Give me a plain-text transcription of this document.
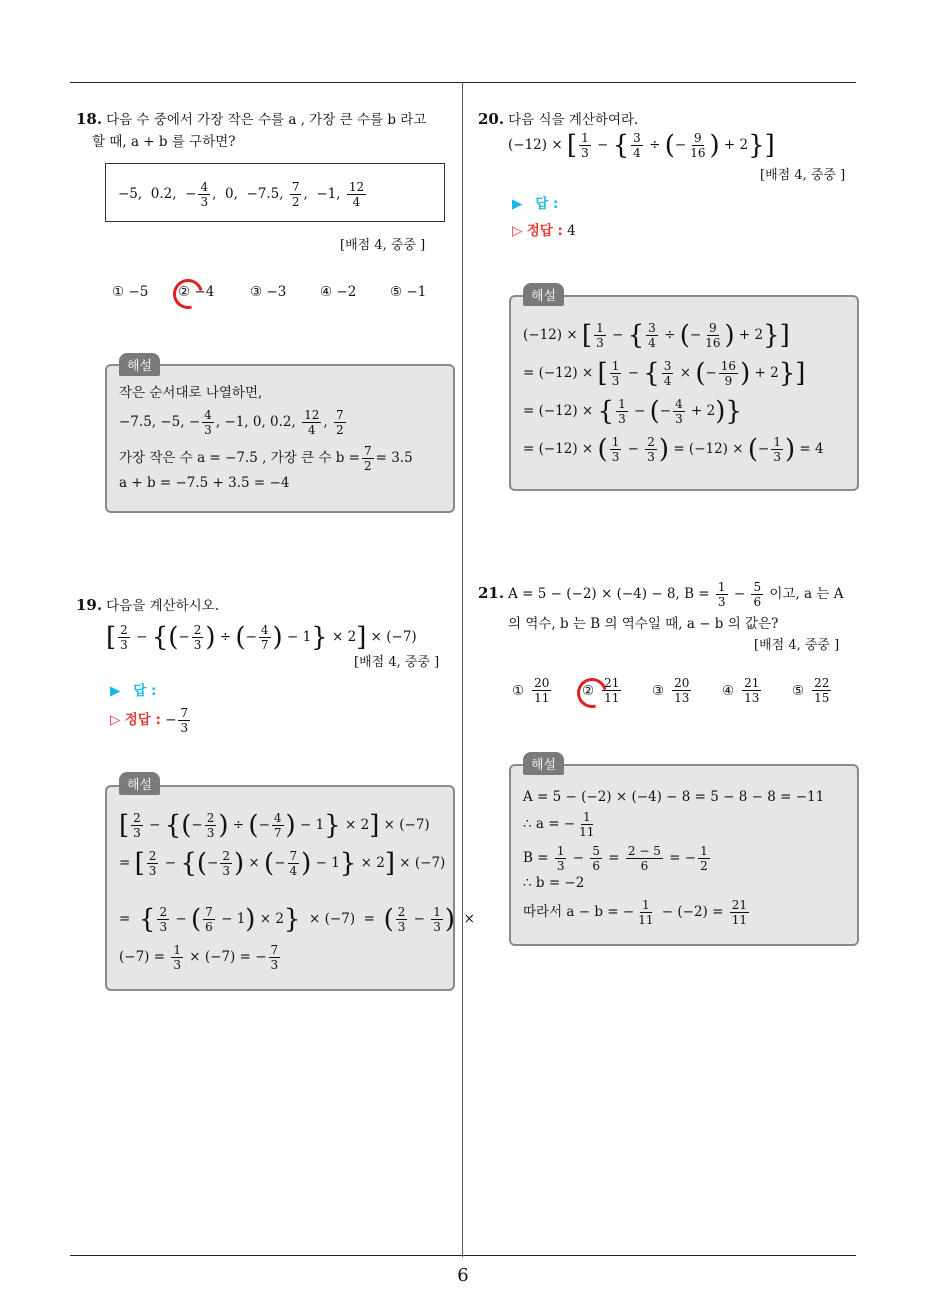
6
18. 다음 수 중에서 가장 작은 수를 a , 가장 큰 수를 b 라고
할 때, a + b 를 구하면?
−5, 0.2, − $\frac{4}{3}$ ,  0, −7.5, $\frac{7}{2}$ ,  −1, $\frac{12}{4}$
[배점 4, 중중 ]
① −5 ② −4	③ −3 ④ −2 ⑤ −1
작은 순서대로 나열하면,
−7.5, −5, − $\frac{4}{3}$ , −1, 0, 0.2, $\frac{12}{4}$ , $\frac{7}{2}$
가장 작은 수 a = −7.5 , 가장 큰 수 $b = \frac{7}{2} = 3.5$
a + b = −7.5 + 3.5 = −4
해설
19. 다음을 계산하시오.
[ $\frac{2}{3}$ − {(− $\frac{2}{3}$ ) ÷ (− $\frac{4}{7}$ ) − 1} × 2] × (−7)
[배점 4, 중중 ]
▶ 답 :
▷ 정답 : − $\frac{7}{3}$
[ $\frac{2}{3}$ − {(− $\frac{2}{3}$ ) ÷ (− $\frac{4}{7}$ ) − 1} × 2] × (−7)
= [ $\frac{2}{3}$ − {(− $\frac{2}{3}$ ) × (− $\frac{7}{4}$ ) − 1} × 2] × (−7)
=  { $\frac{2}{3}$ − ( $\frac{7}{6} - 1) \times 2\} \times (-7)$  =  ( $\frac{2}{3} - \frac{1}{3}$ )  ×
$(-7) = \frac{1}{3} \times (-7)$ = − $\frac{7}{3}$
해설
20. 다음 식을 계산하여라.
(−12) × [ $\frac{1}{3}$ − { $\frac{3}{4}$ ÷ (− $\frac{9}{16}$ ) + 2}]
[배점 4, 중중 ]
▶ 답 :
▷ 정답 : 4
(−12) × [ $\frac{1}{3}$ − { $\frac{3}{4}$ ÷ (− $\frac{9}{16}$ ) + 2}]
= (−12) × [ $\frac{1}{3}$ − { $\frac{3}{4}$ × (− $\frac{16}{9}$ ) + 2}]
= (−12) × { $\frac{1}{3}$ − (− $\frac{4}{3} + 2$)}
= (−12) × ( $\frac{1}{3} - \frac{2}{3}$ ) = (−12) × (− $\frac{1}{3}$ ) = 4
해설
21. A = 5 − (−2) × (−4) − 8, $B = \frac{1}{3} - \frac{5}{6}$ 이고, a 는 A
의 역수, b 는 B 의 역수일 때, a − b 의 값은?
[배점 4, 중중 ]
① $\frac{20}{11}$ ② $\frac{21}{11}$ ③ $\frac{20}{13}$ ④ $\frac{21}{13}$ ⑤ $\frac{22}{15}$
A = 5 − (−2) × (−4) − 8 = 5 − 8 − 8 = −11
∴ a = − $\frac{1}{11}$
$B = \frac{1}{3} - \frac{5}{6} = \frac{2 - 5}{6}$ = − $\frac{1}{2}$
∴ b = −2
따라서 a − b = − $\frac{1}{11} - (-2) = \frac{21}{11}$
해설
